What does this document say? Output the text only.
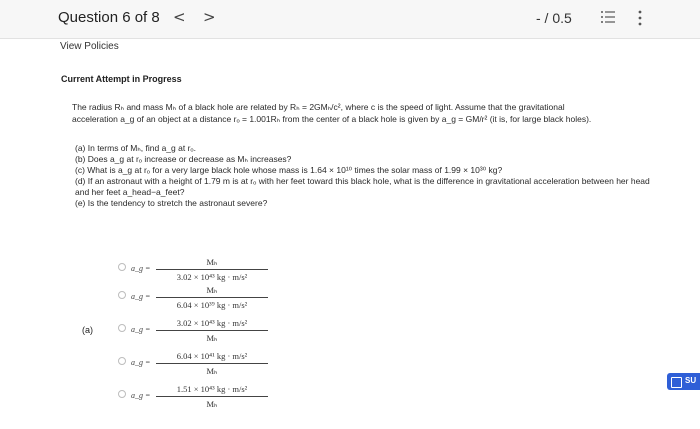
Question 6 of 8 < >	- / 0.5
View Policies
Current Attempt in Progress
The radius Rₕ and mass Mₕ of a black hole are related by Rₕ = 2GMₕ/c², where c is the speed of light. Assume that the gravitational
acceleration a_g of an object at a distance rₒ = 1.001Rₕ from the center of a black hole is given by a_g = GM/r² (it is, for large black holes).
(a) In terms of Mₕ, find a_g at rₒ.
(b) Does a_g at rₒ increase or decrease as Mₕ increases?
(c) What is a_g at rₒ for a very large black hole whose mass is 1.64 × 10¹⁰ times the solar mass of 1.99 × 10³⁰ kg?
(d) If an astronaut with a height of 1.79 m is at rₒ with her feet toward this black hole, what is the difference in gravitational acceleration between her head and her feet a_head−a_feet?
(e) Is the tendency to stretch the astronaut severe?
(a)
a_g =
Mₕ
3.02 × 10⁴³ kg · m/s²
a_g =
Mₕ
6.04 × 10³⁹ kg · m/s²
a_g =
3.02 × 10⁴³ kg · m/s²
Mₕ
a_g =
6.04 × 10⁴¹ kg · m/s²
Mₕ
a_g =
1.51 × 10⁴³ kg · m/s²
Mₕ
SU
